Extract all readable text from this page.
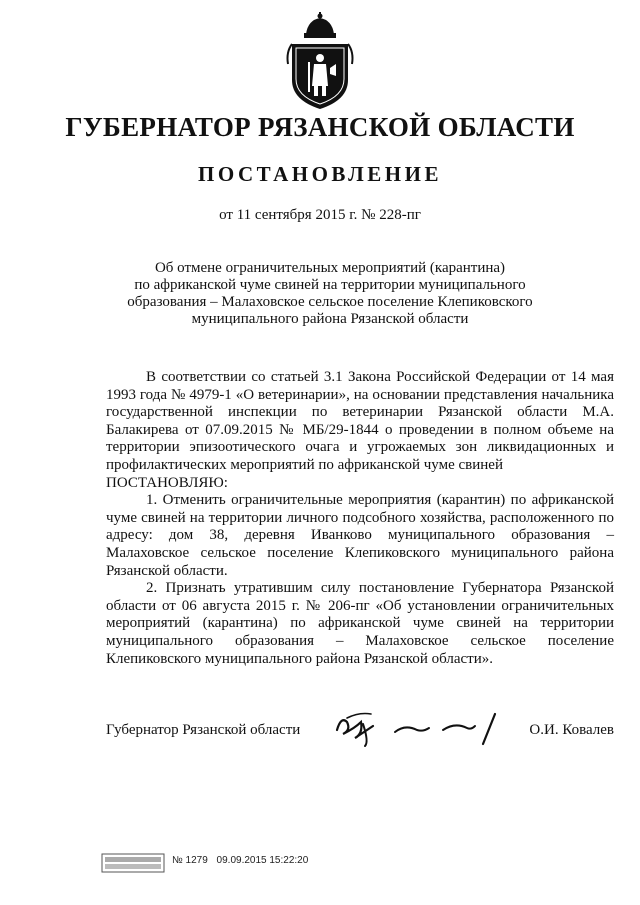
ГУБЕРНАТОР РЯЗАНСКОЙ ОБЛАСТИ
ПОСТАНОВЛЕНИЕ
от 11 сентября 2015 г. № 228-пг
Об отмене ограничительных мероприятий (карантина)
по африканской чуме свиней на территории муниципального
образования – Малаховское сельское поселение Клепиковского
муниципального района Рязанской области

В соответствии со статьей 3.1 Закона Российской Федерации от 14 мая 1993 года № 4979-1 «О ветеринарии», на основании представления начальника государственной инспекции по ветеринарии Рязанской области М.А. Балакирева от 07.09.2015 № МБ/29-1844 о проведении в полном объеме на территории эпизоотического очага и угрожаемых зон ликвидационных и профилактических мероприятий по африканской чуме свиней

ПОСТАНОВЛЯЮ:

1. Отменить ограничительные мероприятия (карантин) по африканской чуме свиней на территории личного подсобного хозяйства, расположенного по адресу: дом 38, деревня Иванково муниципального образования – Малаховское сельское поселение Клепиковского муниципального района Рязанской области.

2. Признать утратившим силу постановление Губернатора Рязанской области от 06 августа 2015 г. № 206-пг «Об установлении ограничительных мероприятий (карантина) по африканской чуме свиней на территории муниципального образования – Малаховское сельское поселение Клепиковского муниципального района Рязанской области».

Губернатор Рязанской области	О.И. Ковалев
№ 1279 09.09.2015 15:22:20
